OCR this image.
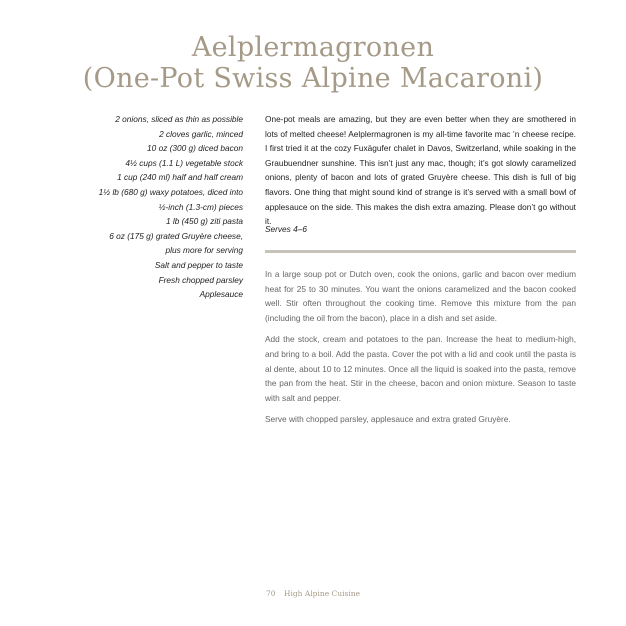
Aelplermagronen
(One-Pot Swiss Alpine Macaroni)
2 onions, sliced as thin as possible
2 cloves garlic, minced
10 oz (300 g) diced bacon
4½ cups (1.1 L) vegetable stock
1 cup (240 ml) half and half cream
1½ lb (680 g) waxy potatoes, diced into
½-inch (1.3-cm) pieces
1 lb (450 g) ziti pasta
6 oz (175 g) grated Gruyère cheese,
plus more for serving
Salt and pepper to taste
Fresh chopped parsley
Applesauce

One-pot meals are amazing, but they are even better when they are smothered in lots of melted cheese! Aelplermagronen is my all-time favorite mac ’n cheese recipe. I first tried it at the cozy Fuxägufer chalet in Davos, Switzerland, while soaking in the Graubuendner sunshine. This isn’t just any mac, though; it’s got slowly caramelized onions, plenty of bacon and lots of grated Gruyère cheese. This dish is full of big flavors. One thing that might sound kind of strange is it’s served with a small bowl of applesauce on the side. This makes the dish extra amazing. Please don’t go without it.

Serves 4–6

In a large soup pot or Dutch oven, cook the onions, garlic and bacon over medium heat for 25 to 30 minutes. You want the onions caramelized and the bacon cooked well. Stir often throughout the cooking time. Remove this mixture from the pan (including the oil from the bacon), place in a dish and set aside.

Add the stock, cream and potatoes to the pan. Increase the heat to medium-high, and bring to a boil. Add the pasta. Cover the pot with a lid and cook until the pasta is al dente, about 10 to 12 minutes. Once all the liquid is soaked into the pasta, remove the pan from the heat. Stir in the cheese, bacon and onion mixture. Season to taste with salt and pepper.

Serve with chopped parsley, applesauce and extra grated Gruyère.

70 High Alpine Cuisine
